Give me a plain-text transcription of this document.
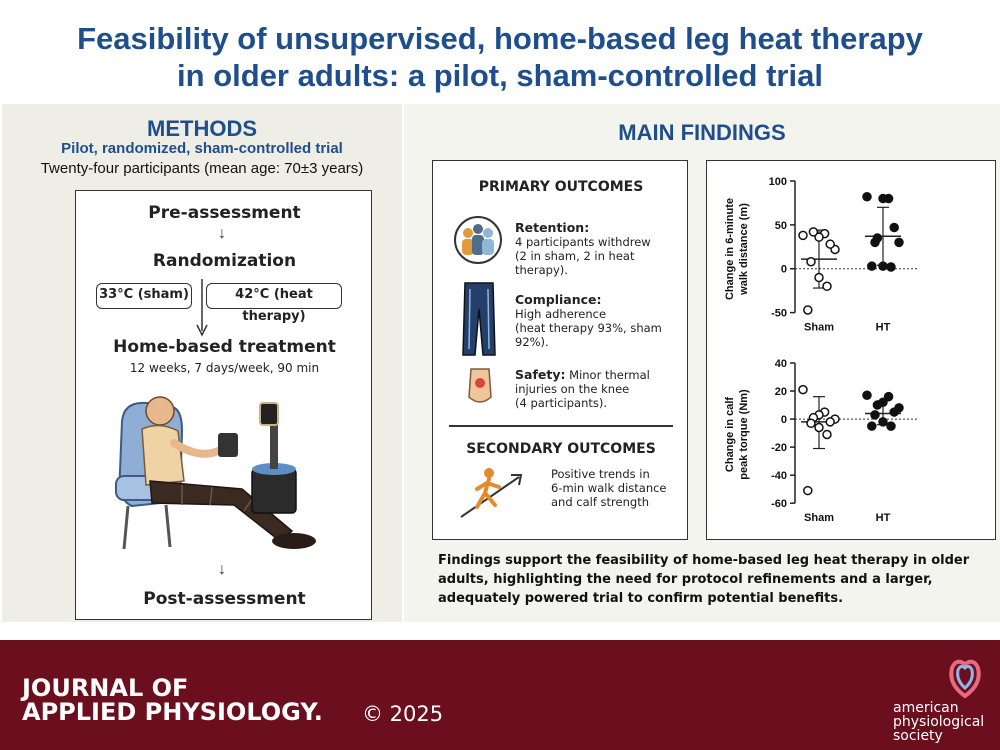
Feasibility of unsupervised, home-based leg heat therapy
in older adults: a pilot, sham-controlled trial
METHODS
Pilot, randomized, sham-controlled trial
Twenty-four participants (mean age: 70±3 years)
Pre-assessment
↓
Randomization
33°C (sham)	42°C (heat therapy)
Home-based treatment
12 weeks, 7 days/week, 90 min
↓
Post-assessment
MAIN FINDINGS
PRIMARY OUTCOMES
Retention:
4 participants withdrew
(2 in sham, 2 in heat therapy).
Compliance:
High adherence
(heat therapy 93%, sham
92%).
Safety: Minor thermal
injuries on the knee
(4 participants).
SECONDARY OUTCOMES
Positive trends in
6-min walk distance
and calf strength
100
50
0
-50
Change in 6-minute walk distance (m)
Sham	HT
40
20
0
-20
-40
-60
Change in calf peak torque (Nm)
Sham	HT
Findings support the feasibility of home-based leg heat therapy in older adults, highlighting the need for protocol refinements and a larger, adequately powered trial to confirm potential benefits.
JOURNAL OF
APPLIED PHYSIOLOGY. © 2025	american
physiological
society
